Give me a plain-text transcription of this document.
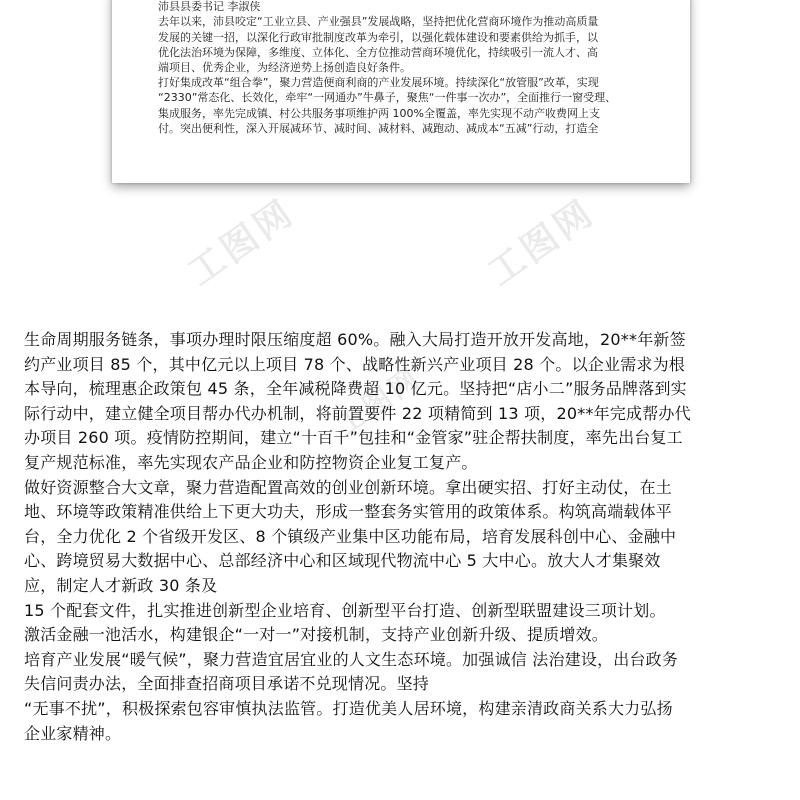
沛县县委书记 李淑侠
去年以来，沛县咬定“工业立县、产业强县”发展战略，坚持把优化营商环境作为推动高质量
发展的关键一招，以深化行政审批制度改革为牵引，以强化载体建设和要素供给为抓手，以
优化法治环境为保障，多维度、立体化、全方位推动营商环境优化，持续吸引一流人才、高
端项目、优秀企业，为经济逆势上扬创造良好条件。
打好集成改革“组合拳”，聚力营造便商利商的产业发展环境。持续深化“放管服”改革，实现
“2330”常态化、长效化，牵牢“一网通办”牛鼻子，聚焦“一件事一次办”，全面推行一窗受理、
集成服务，率先完成镇、村公共服务事项维护两 100%全覆盖，率先实现不动产收费网上支
付。突出便利性，深入开展减环节、减时间、减材料、减跑动、减成本“五减”行动，打造全
工图网	工图网
工图网
生命周期服务链条，事项办理时限压缩度超 60%。融入大局打造开放开发高地，20**年新签
约产业项目 85 个，其中亿元以上项目 78 个、战略性新兴产业项目 28 个。以企业需求为根
本导向，梳理惠企政策包 45 条，全年减税降费超 10 亿元。坚持把“店小二”服务品牌落到实
际行动中，建立健全项目帮办代办机制，将前置要件 22 项精简到 13 项，20**年完成帮办代
办项目 260 项。疫情防控期间，建立“十百千”包挂和“金管家”驻企帮扶制度，率先出台复工
复产规范标准，率先实现农产品企业和防控物资企业复工复产。
做好资源整合大文章，聚力营造配置高效的创业创新环境。拿出硬实招、打好主动仗，在土
地、环境等政策精准供给上下更大功夫，形成一整套务实管用的政策体系。构筑高端载体平
台，全力优化 2 个省级开发区、8 个镇级产业集中区功能布局，培育发展科创中心、金融中
心、跨境贸易大数据中心、总部经济中心和区域现代物流中心 5 大中心。放大人才集聚效
应，制定人才新政 30 条及
15 个配套文件，扎实推进创新型企业培育、创新型平台打造、创新型联盟建设三项计划。
激活金融一池活水，构建银企“一对一”对接机制，支持产业创新升级、提质增效。
培育产业发展“暖气候”，聚力营造宜居宜业的人文生态环境。加强诚信 法治建设，出台政务
失信问责办法，全面排查招商项目承诺不兑现情况。坚持
“无事不扰”，积极探索包容审慎执法监管。打造优美人居环境，构建亲清政商关系大力弘扬
企业家精神。
